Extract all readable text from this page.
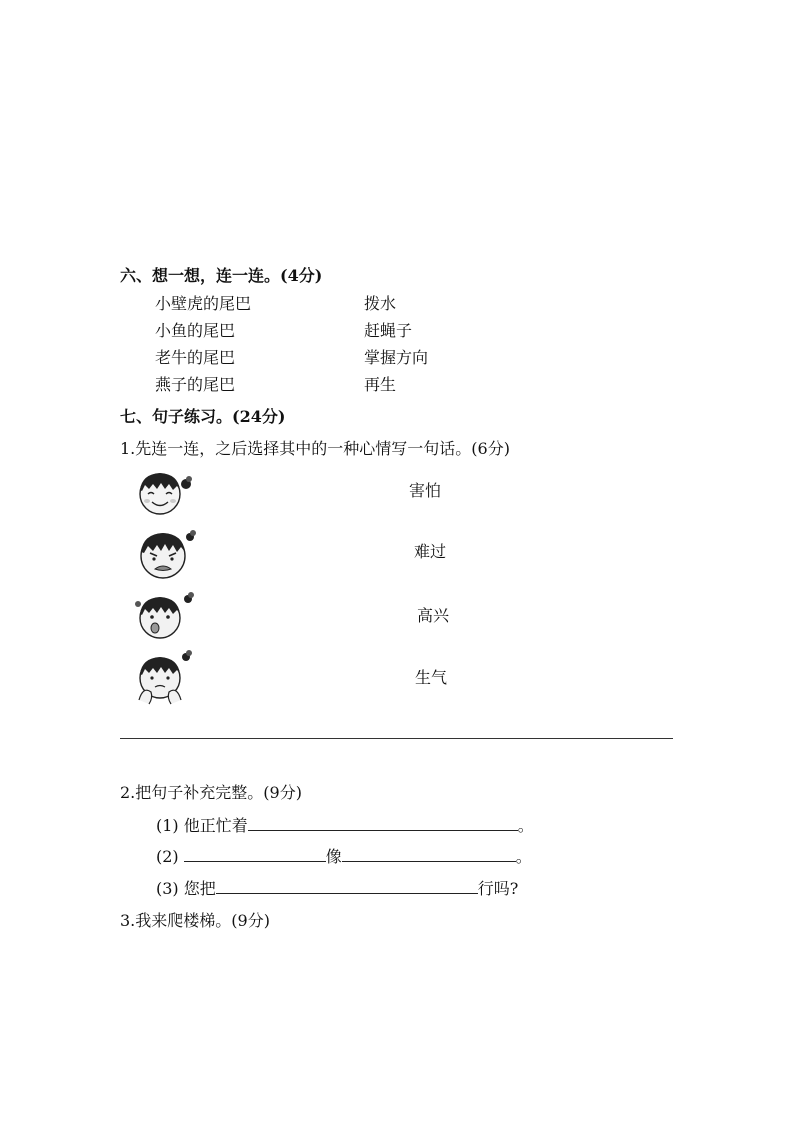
六、想一想，连一连。(4分)
小壁虎的尾巴
小鱼的尾巴
老牛的尾巴
燕子的尾巴
拨水
赶蝇子
掌握方向
再生
七、句子练习。(24分)
1.先连一连，之后选择其中的一种心情写一句话。(6分)
害怕
难过
高兴
生气
2.把句子补充完整。(9分)
(1) 他正忙着	。
(2)	像	。
(3) 您把	行吗?
3.我来爬楼梯。(9分)
